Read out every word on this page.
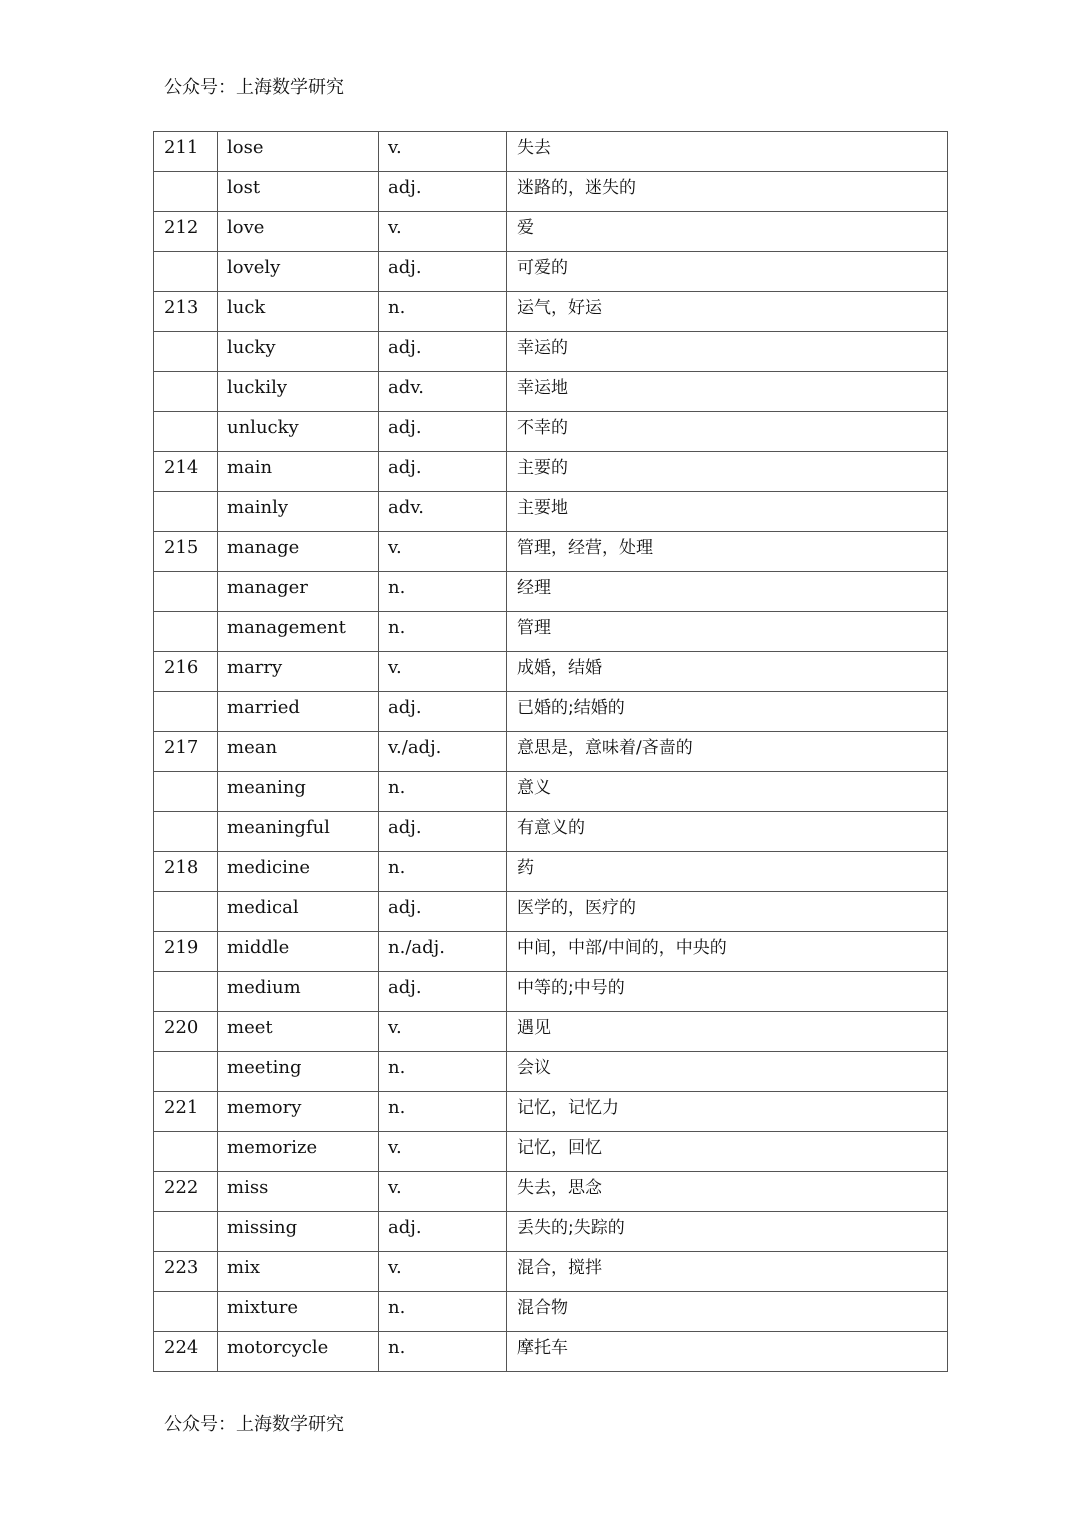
公众号：上海数学研究
211	lose	v.	失去

	lost	adj.	迷路的，迷失的

212	love	v.	爱

	lovely	adj.	可爱的

213	luck	n.	运气，好运

	lucky	adj.	幸运的

	luckily	adv.	幸运地

	unlucky	adj.	不幸的

214	main	adj.	主要的

	mainly	adv.	主要地

215	manage	v.	管理，经营，处理

	manager	n.	经理

	management	n.	管理

216	marry	v.	成婚，结婚

	married	adj.	已婚的;结婚的

217	mean	v./adj.	意思是，意味着/吝啬的

	meaning	n.	意义

	meaningful	adj.	有意义的

218	medicine	n.	药

	medical	adj.	医学的，医疗的

219	middle	n./adj.	中间，中部/中间的，中央的

	medium	adj.	中等的;中号的

220	meet	v.	遇见

	meeting	n.	会议

221	memory	n.	记忆，记忆力

	memorize	v.	记忆，回忆

222	miss	v.	失去，思念

	missing	adj.	丢失的;失踪的

223	mix	v.	混合，搅拌

	mixture	n.	混合物

224	motorcycle	n.	摩托车
公众号：上海数学研究
